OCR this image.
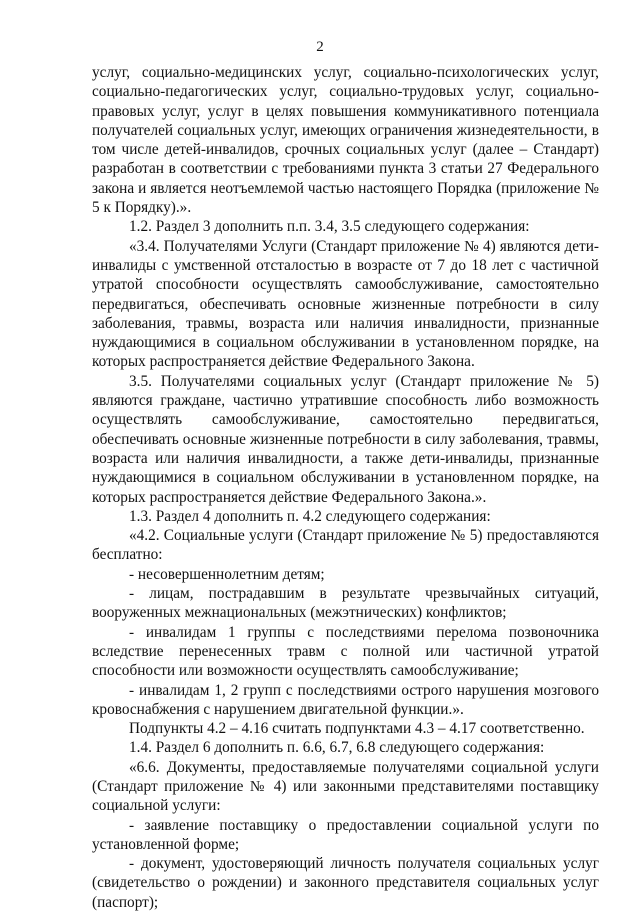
2

услуг, социально-медицинских услуг, социально-психологических услуг, социально-педагогических услуг, социально-трудовых услуг, социально-правовых услуг, услуг в целях повышения коммуникативного потенциала получателей социальных услуг, имеющих ограничения жизнедеятельности, в том числе детей-инвалидов, срочных социальных услуг (далее – Стандарт) разработан в соответствии с требованиями пункта 3 статьи 27 Федерального закона и является неотъемлемой частью настоящего Порядка (приложение № 5 к Порядку).».

1.2. Раздел 3 дополнить п.п. 3.4, 3.5 следующего содержания:

«3.4. Получателями Услуги (Стандарт приложение № 4) являются дети-инвалиды с умственной отсталостью в возрасте от 7 до 18 лет с частичной утратой способности осуществлять самообслуживание, самостоятельно передвигаться, обеспечивать основные жизненные потребности в силу заболевания, травмы, возраста или наличия инвалидности, признанные нуждающимися в социальном обслуживании в установленном порядке, на которых распространяется действие Федерального Закона.

3.5. Получателями социальных услуг (Стандарт приложение № 5) являются граждане, частично утратившие способность либо возможность осуществлять самообслуживание, самостоятельно передвигаться, обеспечивать основные жизненные потребности в силу заболевания, травмы, возраста или наличия инвалидности, а также дети-инвалиды, признанные нуждающимися в социальном обслуживании в установленном порядке, на которых распространяется действие Федерального Закона.».

1.3. Раздел 4 дополнить п. 4.2 следующего содержания:

«4.2. Социальные услуги (Стандарт приложение № 5) предоставляются бесплатно:

- несовершеннолетним детям;

- лицам, пострадавшим в результате чрезвычайных ситуаций, вооруженных межнациональных (межэтнических) конфликтов;

- инвалидам 1 группы с последствиями перелома позвоночника вследствие перенесенных травм с полной или частичной утратой способности или возможности осуществлять самообслуживание;

- инвалидам 1, 2 групп с последствиями острого нарушения мозгового кровоснабжения с нарушением двигательной функции.».

Подпункты 4.2 – 4.16 считать подпунктами 4.3 – 4.17 соответственно.

1.4. Раздел 6 дополнить п. 6.6, 6.7, 6.8 следующего содержания:

«6.6. Документы, предоставляемые получателями социальной услуги (Стандарт приложение № 4) или законными представителями поставщику социальной услуги:

- заявление поставщику о предоставлении социальной услуги по установленной форме;

- документ, удостоверяющий личность получателя социальных услуг (свидетельство о рождении) и законного представителя социальных услуг (паспорт);
